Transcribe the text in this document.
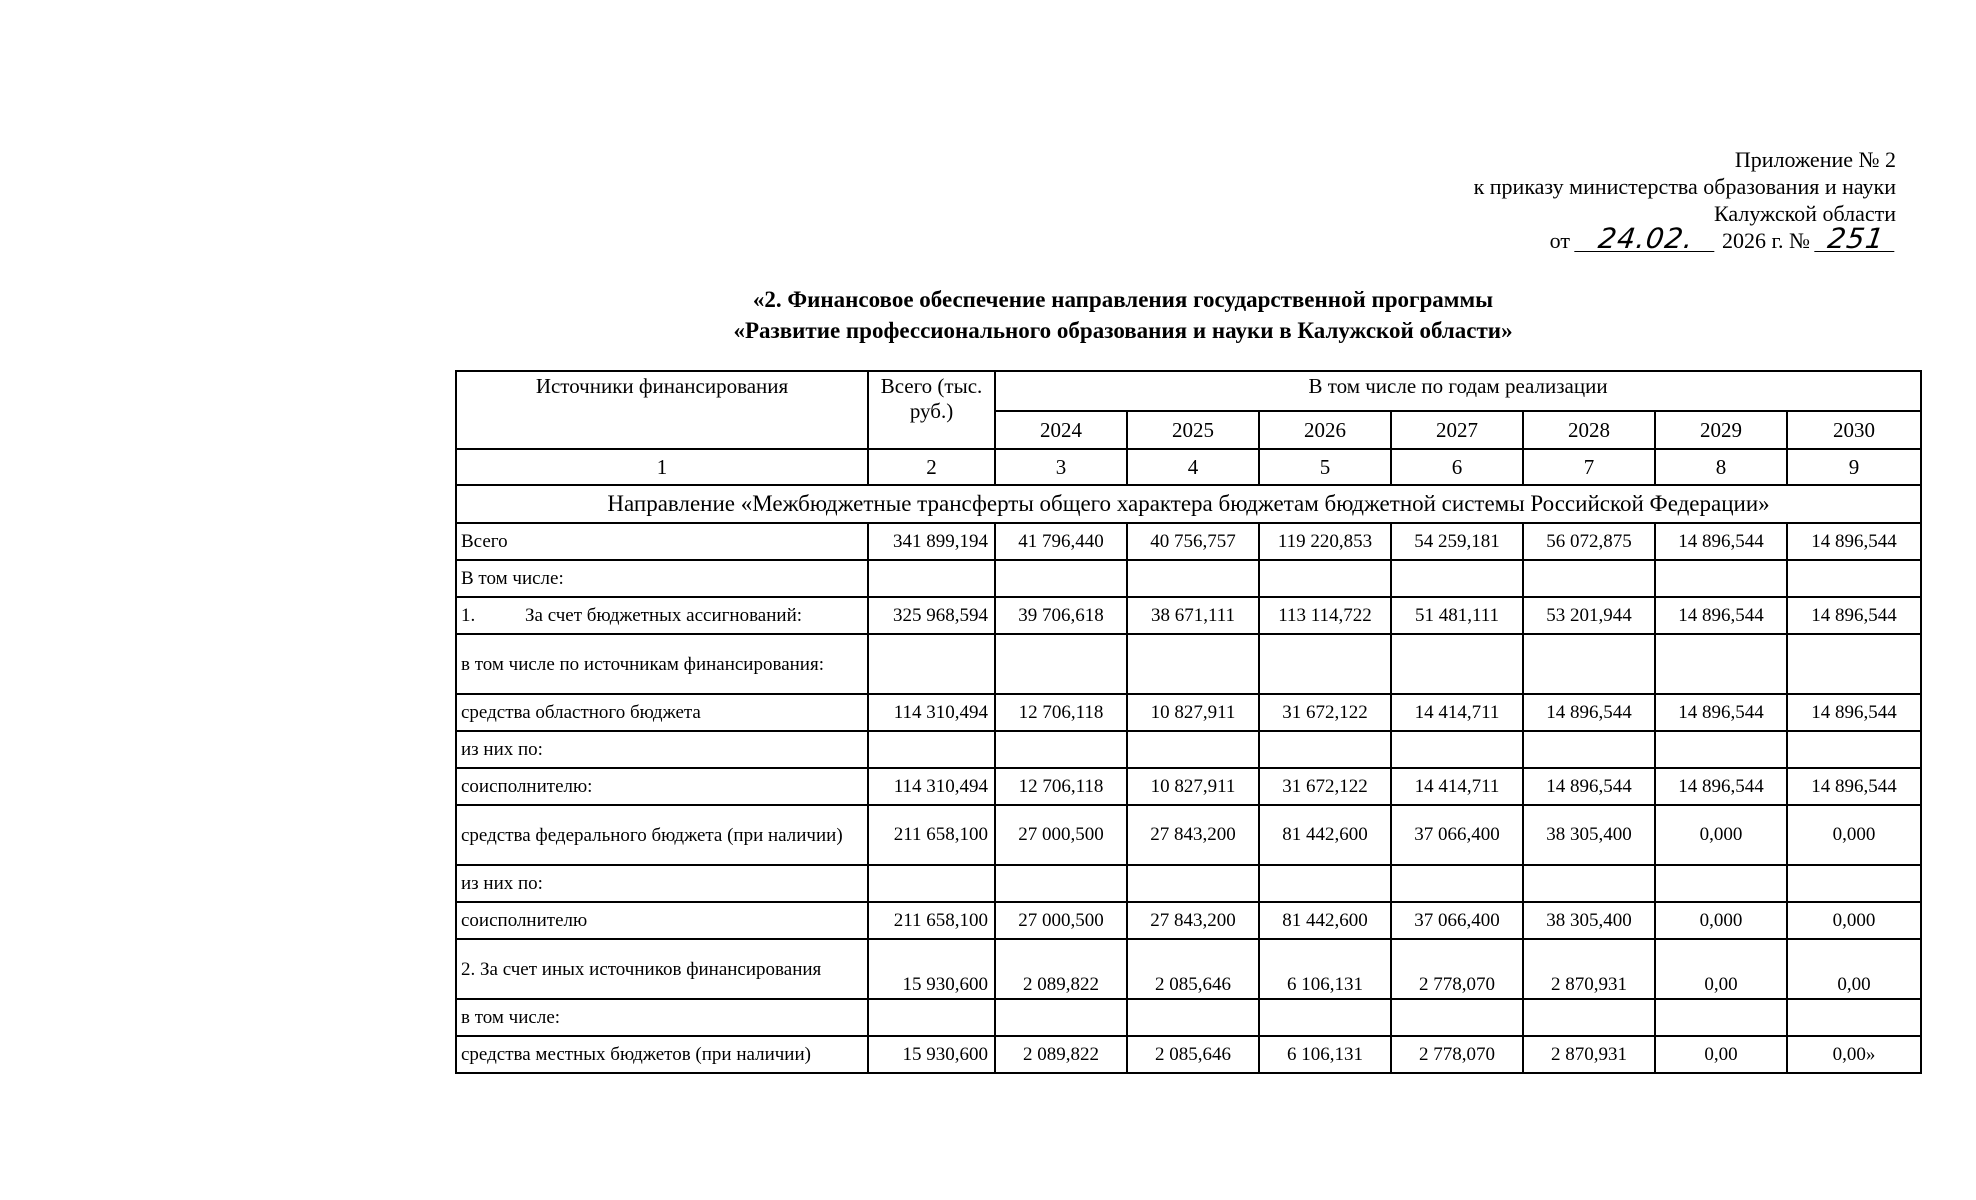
Приложение № 2
к приказу министерства образования и науки
Калужской области
от 24.02.	2026 г. № 251
«2. Финансовое обеспечение направления государственной программы
«Развитие профессионального образования и науки в Калужской области»
Источники финансирования	Всего (тыс. руб.)	В том числе по годам реализации						
		2024	2025	2026	2027	2028	2029	2030
1	2	3	4	5	6	7	8	9
Направление «Межбюджетные трансферты общего характера бюджетам бюджетной системы Российской Федерации»								
Всего	341 899,194	41 796,440	40 756,757	119 220,853	54 259,181	56 072,875	14 896,544	14 896,544
В том числе:								
1. За счет бюджетных ассигнований:	325 968,594	39 706,618	38 671,111	113 114,722	51 481,111	53 201,944	14 896,544	14 896,544
в том числе по источникам финансирования:								
средства областного бюджета	114 310,494	12 706,118	10 827,911	31 672,122	14 414,711	14 896,544	14 896,544	14 896,544
из них по:								
соисполнителю:	114 310,494	12 706,118	10 827,911	31 672,122	14 414,711	14 896,544	14 896,544	14 896,544
средства федерального бюджета (при наличии)	211 658,100	27 000,500	27 843,200	81 442,600	37 066,400	38 305,400	0,000	0,000
из них по:								
соисполнителю	211 658,100	27 000,500	27 843,200	81 442,600	37 066,400	38 305,400	0,000	0,000
2. За счет иных источников финансирования	15 930,600	2 089,822	2 085,646	6 106,131	2 778,070	2 870,931	0,00	0,00
в том числе:								
средства местных бюджетов (при наличии)	15 930,600	2 089,822	2 085,646	6 106,131	2 778,070	2 870,931	0,00	0,00»
